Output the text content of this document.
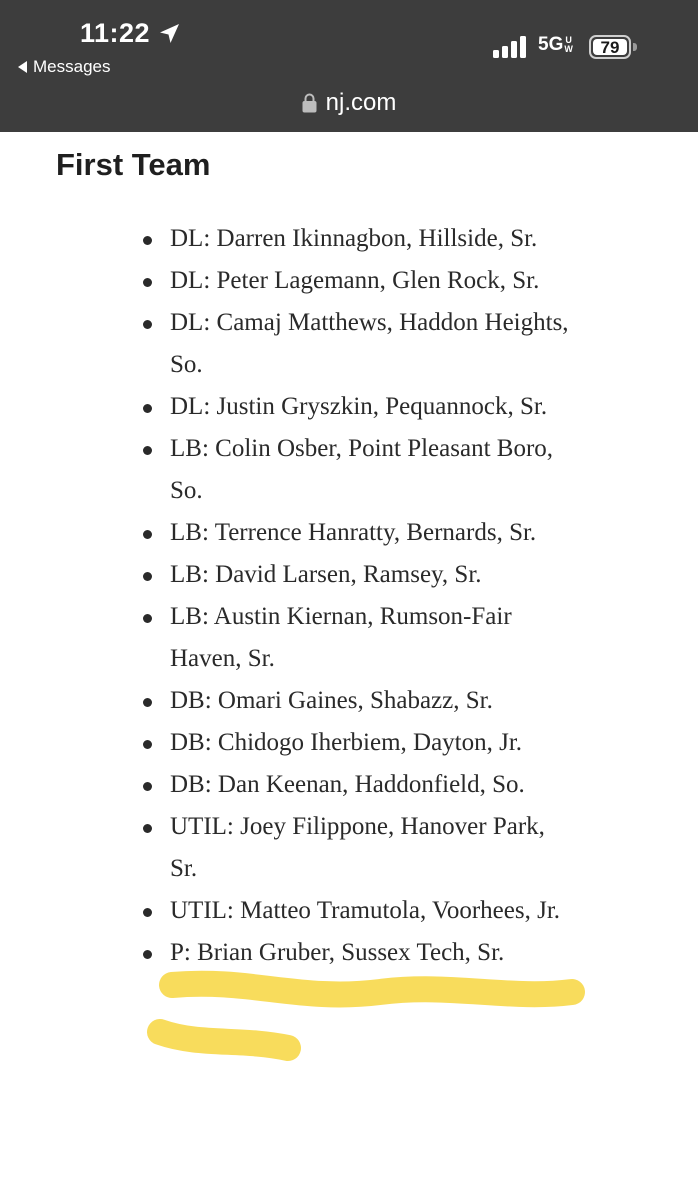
11:22
Messages
5G U
W	79
nj.com
First Team
DL: Darren Ikinnagbon, Hillside, Sr.
DL: Peter Lagemann, Glen Rock, Sr.
DL: Camaj Matthews, Haddon Heights, So.
DL: Justin Gryszkin, Pequannock, Sr.
LB: Colin Osber, Point Pleasant Boro, So.
LB: Terrence Hanratty, Bernards, Sr.
LB: David Larsen, Ramsey, Sr.
LB: Austin Kiernan, Rumson-Fair Haven, Sr.
DB: Omari Gaines, Shabazz, Sr.
DB: Chidogo Iherbiem, Dayton, Jr.
DB: Dan Keenan, Haddonfield, So.
UTIL: Joey Filippone, Hanover Park, Sr.
UTIL: Matteo Tramutola, Voorhees, Jr.
P: Brian Gruber, Sussex Tech, Sr.
